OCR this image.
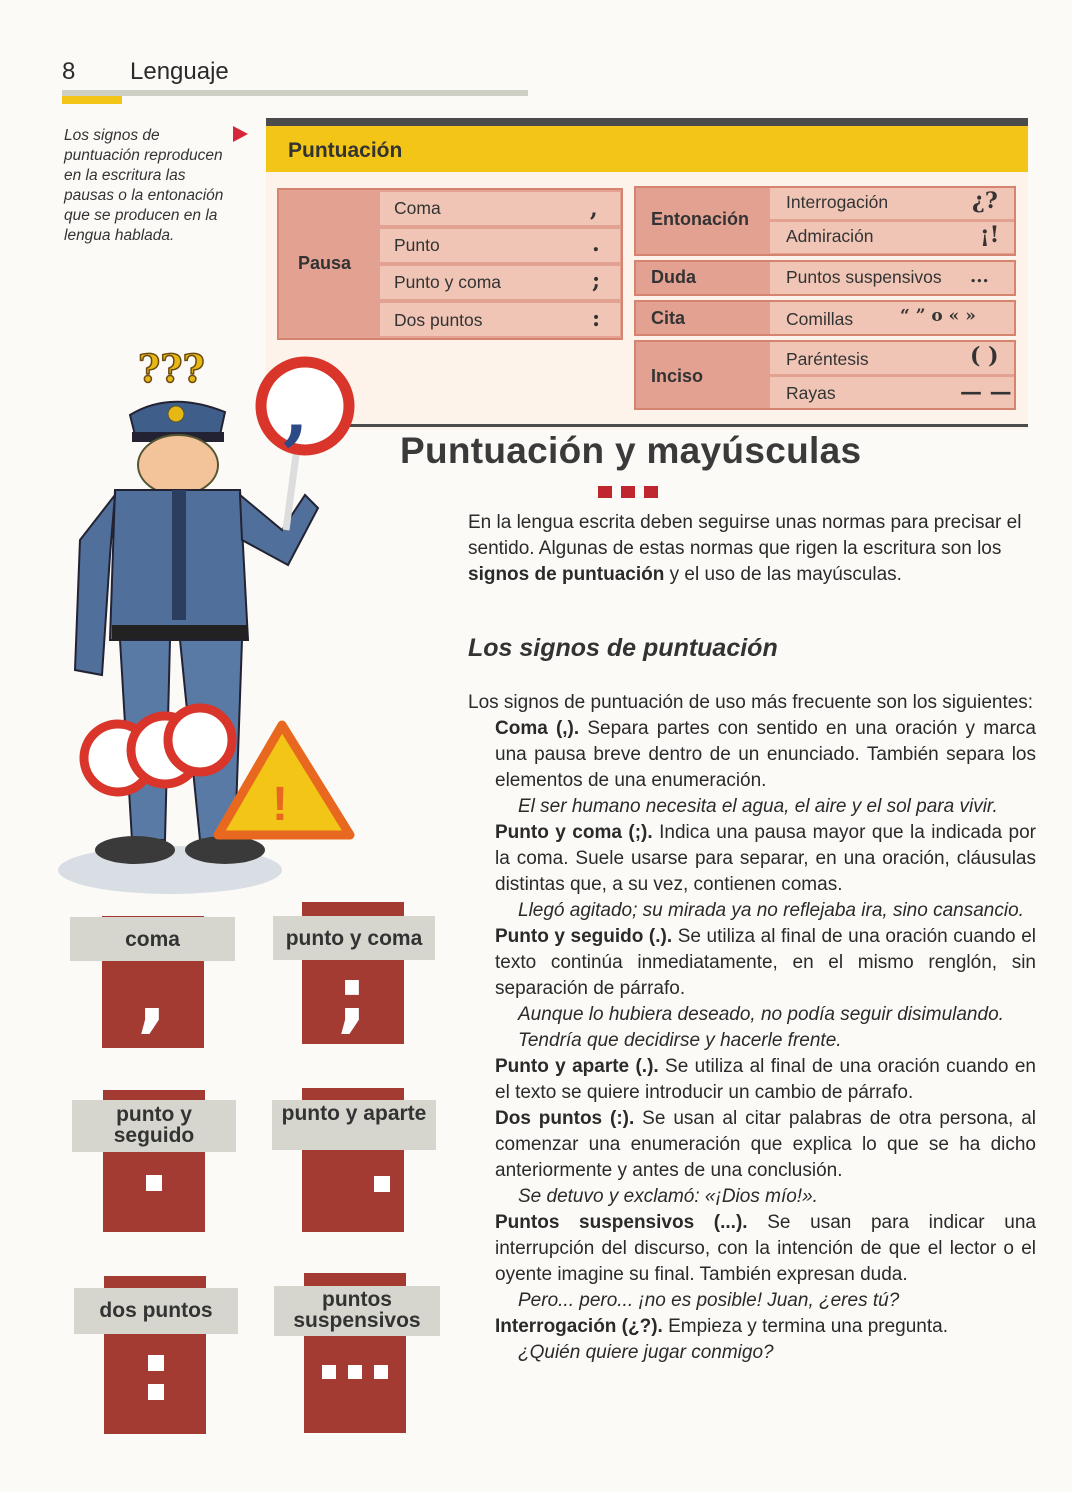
8 Lenguaje
Los signos de puntuación reproducen en la escritura las pausas o la entonación que se producen en la lengua hablada.
Puntuación
Pausa
Coma	,
Punto	.
Punto y coma	;
Dos puntos	:
Entonación
Interrogación	¿?
Admiración	¡!
Duda	Puntos suspensivos ...
Cita	Comillas	“ ” o « »
Inciso
Paréntesis	( )
Rayas	— —
Puntuación y mayúsculas
En la lengua escrita deben seguirse unas normas para precisar el sentido. Algunas de estas normas que rigen la escritura son los signos de puntuación y el uso de las mayúsculas.
Los signos de puntuación

Los signos de puntuación de uso más frecuente son los siguientes:

Coma (,). Separa partes con sentido en una oración y marca una pausa breve dentro de un enunciado. También separa los elementos de una enumeración.

El ser humano necesita el agua, el aire y el sol para vivir.

Punto y coma (;). Indica una pausa mayor que la indicada por la coma. Suele usarse para separar, en una oración, cláusulas distintas que, a su vez, contienen comas.

Llegó agitado; su mirada ya no reflejaba ira, sino cansancio.

Punto y seguido (.). Se utiliza al final de una oración cuando el texto continúa inmediatamente, en el mismo renglón, sin separación de párrafo.

Aunque lo hubiera deseado, no podía seguir disimulando. Tendría que decidirse y hacerle frente.

Punto y aparte (.). Se utiliza al final de una oración cuando en el texto se quiere introducir un cambio de párrafo.

Dos puntos (:). Se usan al citar palabras de otra persona, al comenzar una enumeración que explica lo que se ha dicho anteriormente y antes de una conclusión.

Se detuvo y exclamó: «¡Dios mío!».

Puntos suspensivos (...). Se usan para indicar una interrupción del discurso, con la intención de que el lector o el oyente imagine su final. También expresan duda.

Pero... pero... ¡no es posible! Juan, ¿eres tú?

Interrogación (¿?). Empieza y termina una pregunta.

¿Quién quiere jugar conmigo?

??? ,
!
coma
,
punto y coma
;
punto y seguido
punto y aparte
dos puntos	puntos suspensivos
